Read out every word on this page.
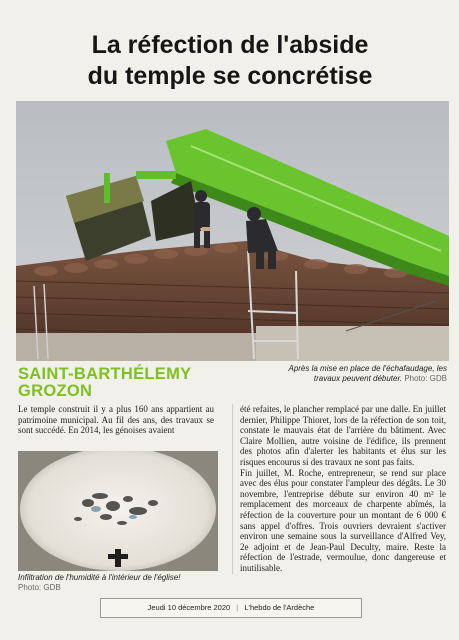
La réfection de l'abside
du temple se concrétise
Après la mise en place de l'échafaudage, les travaux peuvent débuter. Photo: GDB
SAINT-BARTHÉLEMY
GROZON

Le temple construit il y a plus 160 ans appartient au patrimoine municipal. Au fil des ans, des travaux se sont succédé. En 2014, les génoises avaient

Infiltration de l'humidité à l'intérieur de l'église!
Photo: GDB

été refaites, le plancher remplacé par une dalle. En juillet dernier, Philippe Thioret, lors de la réfection de son toit, constate le mauvais état de l'arrière du bâtiment. Avec Claire Mollien, autre voisine de l'édifice, ils prennent des photos afin d'alerter les habitants et élus sur les risques encourus si des travaux ne sont pas faits.

Fin juillet, M. Roche, entrepreneur, se rend sur place avec des élus pour constater l'ampleur des dégâts. Le 30 novembre, l'entreprise débute sur environ 40 m² le remplacement des morceaux de charpente abîmés, la réfection de la couverture pour un montant de 6 000 € sans appel d'offres. Trois ouvriers devraient s'activer environ une semaine sous la surveillance d'Alfred Vey, 2e adjoint et de Jean-Paul Deculty, maire. Reste la réfection de l'estrade, vermoulue, donc dangereuse et inutilisable.

Jeudi 10 décembre 2020 | L'hebdo de l'Ardèche
